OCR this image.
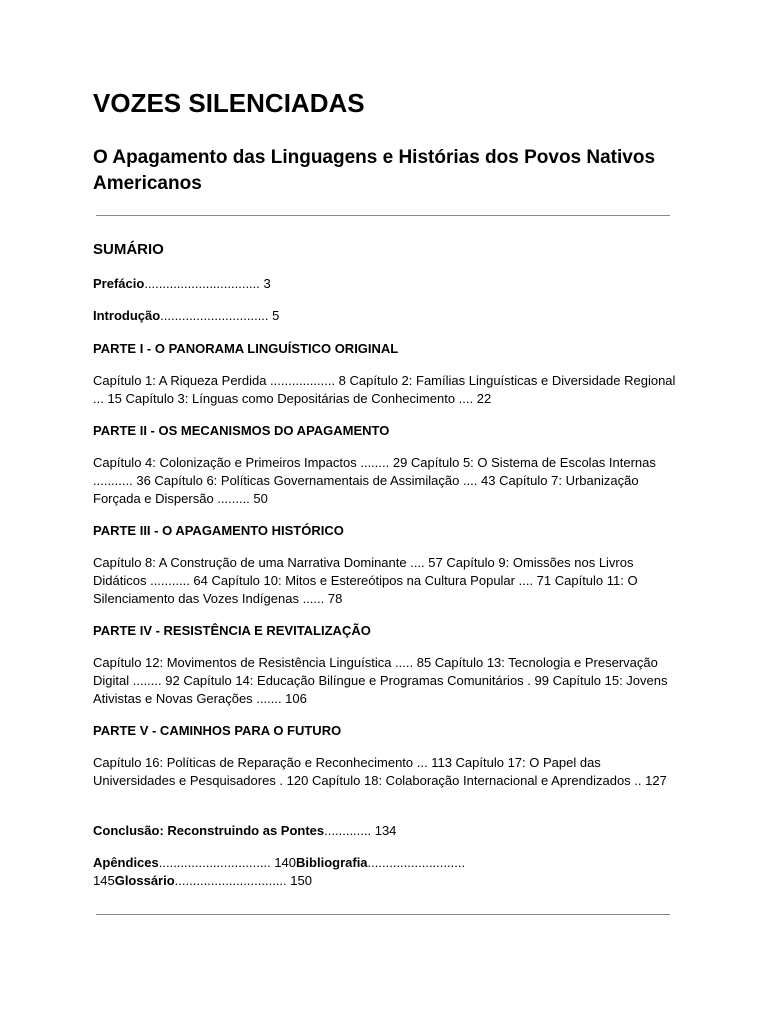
VOZES SILENCIADAS
O Apagamento das Linguagens e Histórias dos Povos Nativos Americanos
SUMÁRIO

Prefácio................................ 3

Introdução.............................. 5

PARTE I - O PANORAMA LINGUÍSTICO ORIGINAL

Capítulo 1: A Riqueza Perdida .................. 8 Capítulo 2: Famílias Linguísticas e Diversidade Regional ... 15 Capítulo 3: Línguas como Depositárias de Conhecimento .... 22

PARTE II - OS MECANISMOS DO APAGAMENTO

Capítulo 4: Colonização e Primeiros Impactos ........ 29 Capítulo 5: O Sistema de Escolas Internas ........... 36 Capítulo 6: Políticas Governamentais de Assimilação .... 43 Capítulo 7: Urbanização Forçada e Dispersão ......... 50

PARTE III - O APAGAMENTO HISTÓRICO

Capítulo 8: A Construção de uma Narrativa Dominante .... 57 Capítulo 9: Omissões nos Livros Didáticos ........... 64 Capítulo 10: Mitos e Estereótipos na Cultura Popular .... 71 Capítulo 11: O Silenciamento das Vozes Indígenas ...... 78

PARTE IV - RESISTÊNCIA E REVITALIZAÇÃO

Capítulo 12: Movimentos de Resistência Linguística ..... 85 Capítulo 13: Tecnologia e Preservação Digital ........ 92 Capítulo 14: Educação Bilíngue e Programas Comunitários . 99 Capítulo 15: Jovens Ativistas e Novas Gerações ....... 106

PARTE V - CAMINHOS PARA O FUTURO

Capítulo 16: Políticas de Reparação e Reconhecimento ... 113 Capítulo 17: O Papel das Universidades e Pesquisadores . 120 Capítulo 18: Colaboração Internacional e Aprendizados .. 127

Conclusão: Reconstruindo as Pontes............. 134

Apêndices............................... 140Bibliografia........................... 145Glossário............................... 150
